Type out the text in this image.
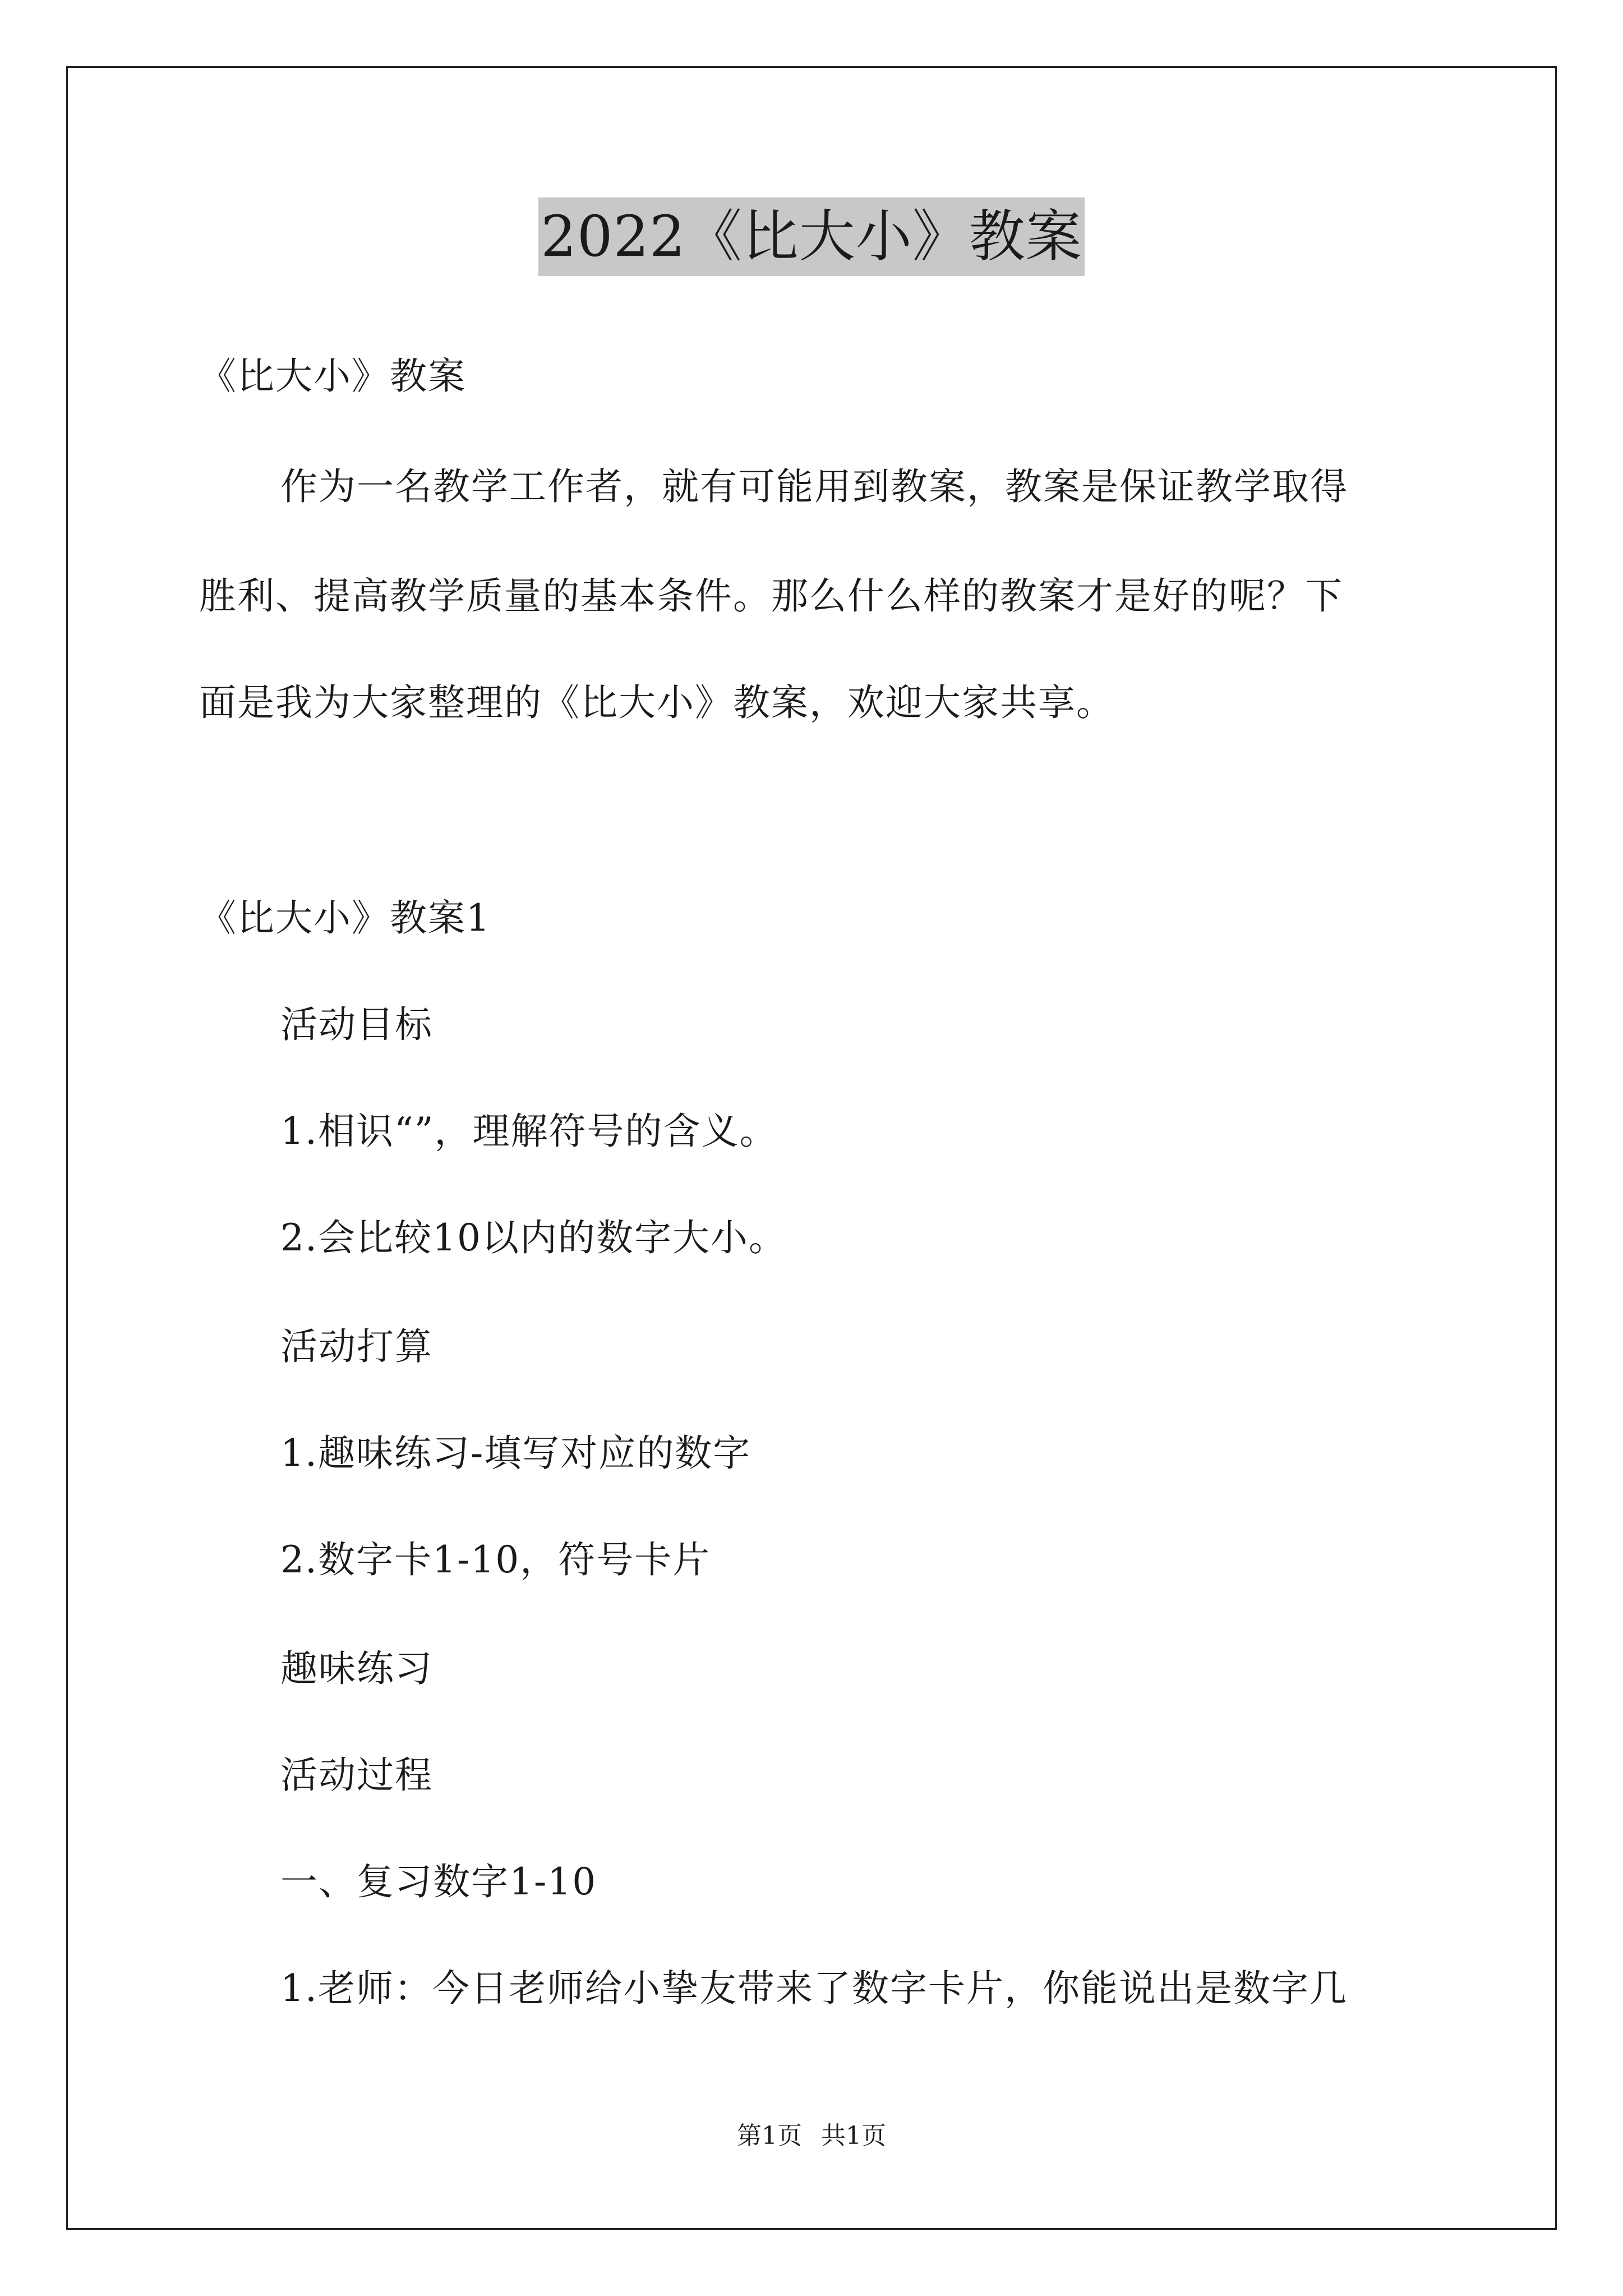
2022《比大小》教案
《比大小》教案
作为一名教学工作者，就有可能用到教案，教案是保证教学取得
胜利、提高教学质量的基本条件。那么什么样的教案才是好的呢？下
面是我为大家整理的《比大小》教案，欢迎大家共享。
《比大小》教案1
活动目标
1.相识“”，理解符号的含义。
2.会比较10以内的数字大小。
活动打算
1.趣味练习-填写对应的数字
2.数字卡1-10，符号卡片
趣味练习
活动过程
一、复习数字1-10
1.老师：今日老师给小挚友带来了数字卡片，你能说出是数字几
第1页 共1页
